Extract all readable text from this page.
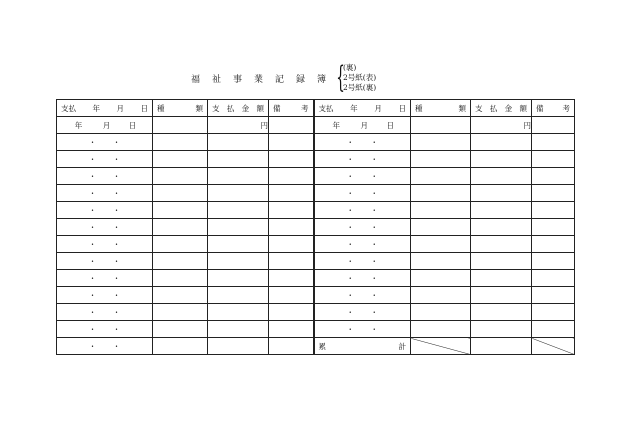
福	祉	事	業	記	録	簿 {
(裏)
2号紙(表)
2号紙(裏)
支払 年 月 日	種 類	支 払 金 額	備 考	支払 年 月 日	種 類	支 払 金 額	備 考

年 月 日		円		年 月 日		円	
・ ・				・ ・			
・ ・				・ ・			
・ ・				・ ・			
・ ・				・ ・			
・ ・				・ ・			
・ ・				・ ・			
・ ・				・ ・			
・ ・				・ ・			
・ ・				・ ・			
・ ・				・ ・			
・ ・				・ ・			
・ ・				・ ・			
・ ・				累 計			
